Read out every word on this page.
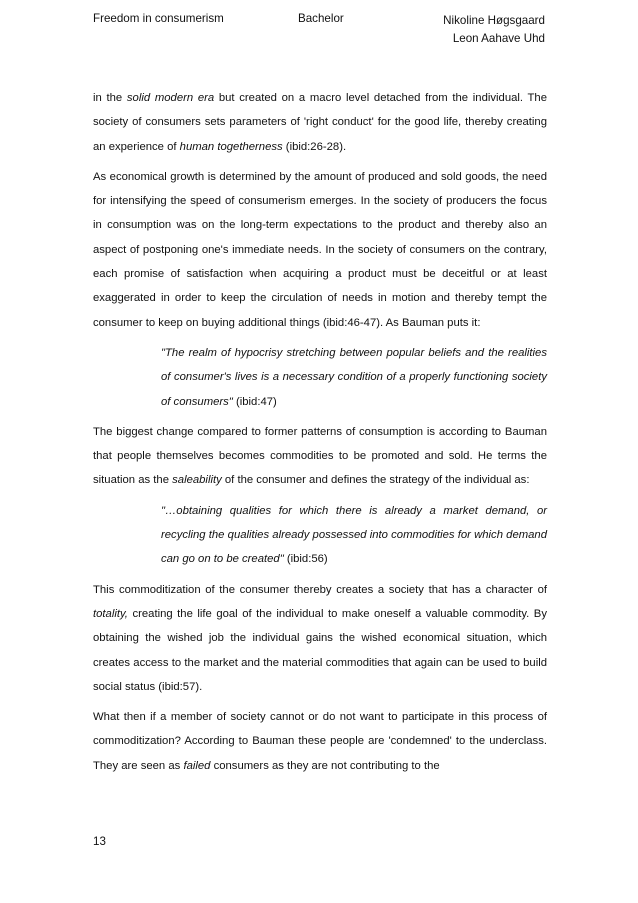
Freedom in consumerism	Bachelor	Nikoline Høgsgaard
Leon Aahave Uhd

in the solid modern era but created on a macro level detached from the individual. The society of consumers sets parameters of 'right conduct' for the good life, thereby creating an experience of human togetherness (ibid:26-28).

As economical growth is determined by the amount of produced and sold goods, the need for intensifying the speed of consumerism emerges. In the society of producers the focus in consumption was on the long-term expectations to the product and thereby also an aspect of postponing one's immediate needs. In the society of consumers on the contrary, each promise of satisfaction when acquiring a product must be deceitful or at least exaggerated in order to keep the circulation of needs in motion and thereby tempt the consumer to keep on buying additional things (ibid:46-47). As Bauman puts it:

"The realm of hypocrisy stretching between popular beliefs and the realities of consumer's lives is a necessary condition of a properly functioning society of consumers" (ibid:47)

The biggest change compared to former patterns of consumption is according to Bauman that people themselves becomes commodities to be promoted and sold. He terms the situation as the saleability of the consumer and defines the strategy of the individual as:

"…obtaining qualities for which there is already a market demand, or recycling the qualities already possessed into commodities for which demand can go on to be created" (ibid:56)

This commoditization of the consumer thereby creates a society that has a character of totality, creating the life goal of the individual to make oneself a valuable commodity. By obtaining the wished job the individual gains the wished economical situation, which creates access to the market and the material commodities that again can be used to build social status (ibid:57).

What then if a member of society cannot or do not want to participate in this process of commoditization? According to Bauman these people are 'condemned' to the underclass. They are seen as failed consumers as they are not contributing to the

13
